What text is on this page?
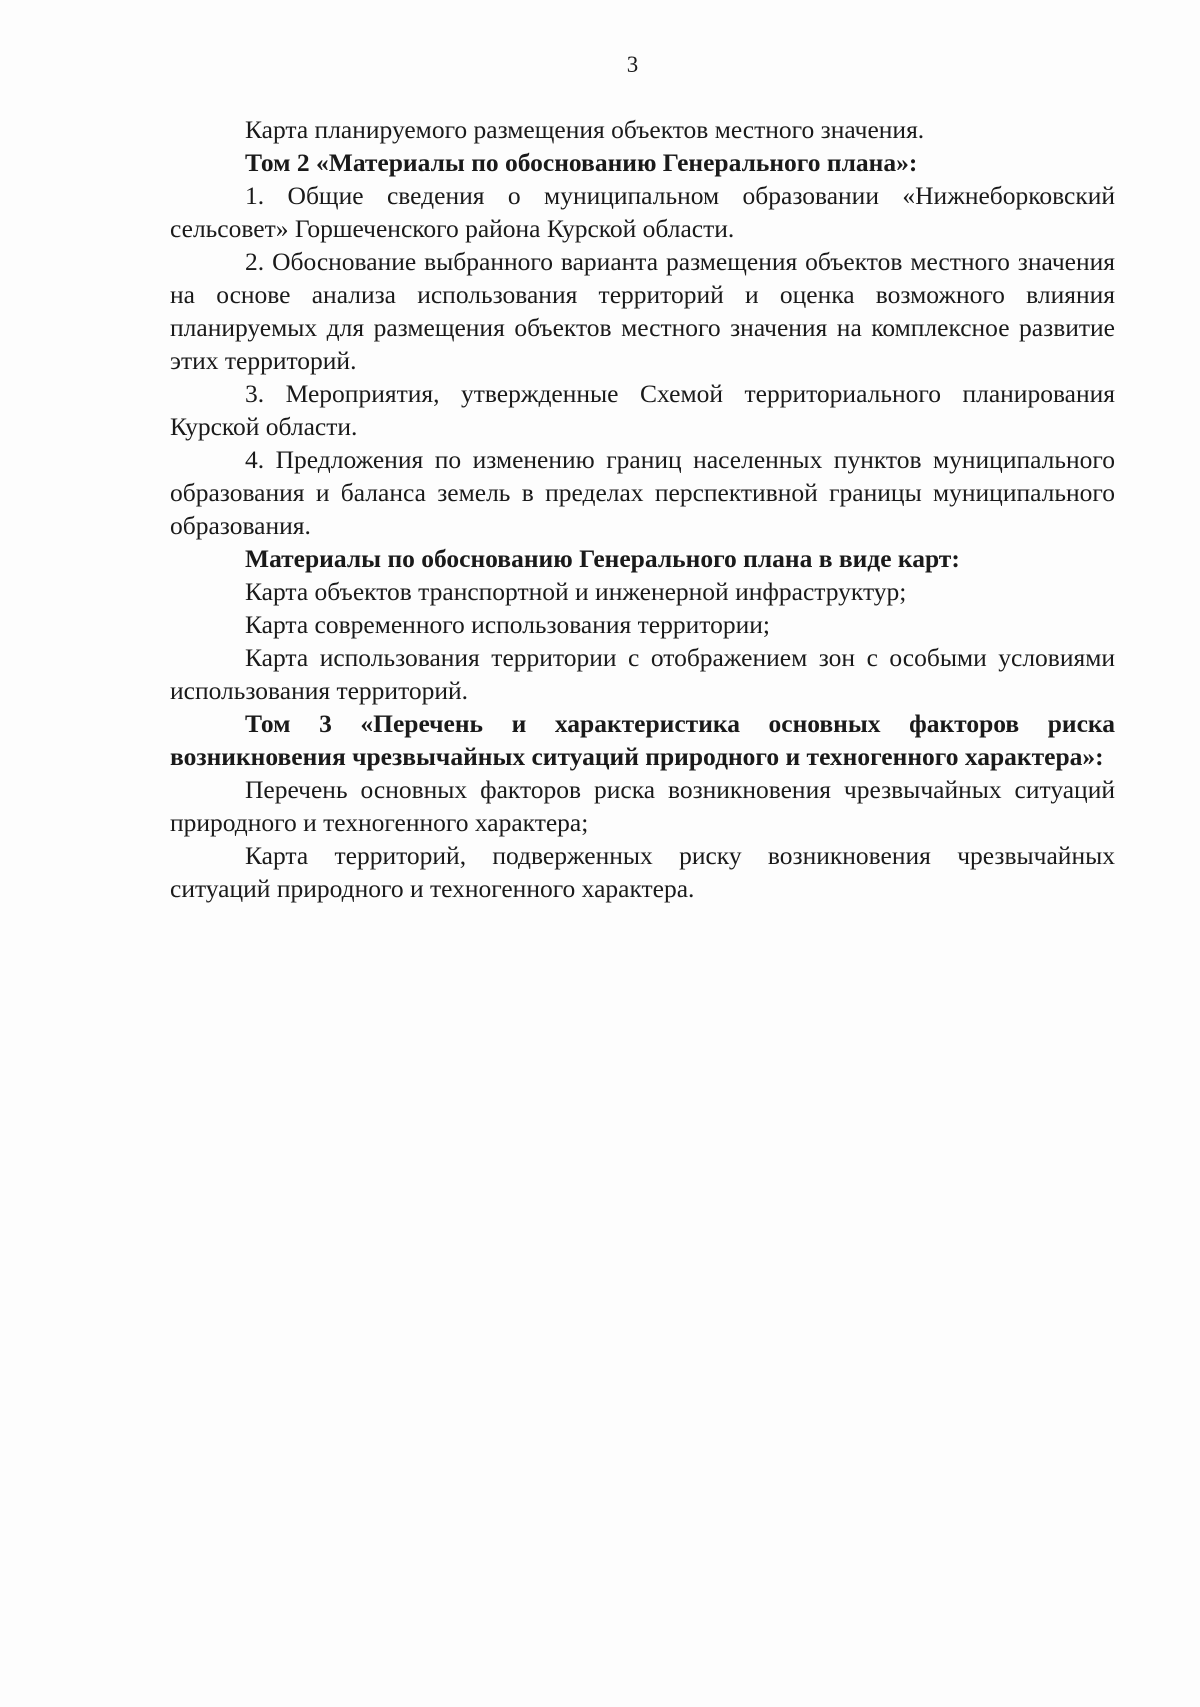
3

Карта планируемого размещения объектов местного значения.

Том 2 «Материалы по обоснованию Генерального плана»:

1. Общие сведения о муниципальном образовании «Нижнеборковский сельсовет» Горшеченского района Курской области.

2. Обоснование выбранного варианта размещения объектов местного значения на основе анализа использования территорий и оценка возможного влияния планируемых для размещения объектов местного значения на комплексное развитие этих территорий.

3. Мероприятия, утвержденные Схемой территориального планирования Курской области.

4. Предложения по изменению границ населенных пунктов муниципального образования и баланса земель в пределах перспективной границы муниципального образования.

Материалы по обоснованию Генерального плана в виде карт:

Карта объектов транспортной и инженерной инфраструктур;

Карта современного использования территории;

Карта использования территории с отображением зон с особыми условиями использования территорий.

Том 3 «Перечень и характеристика основных факторов риска возникновения чрезвычайных ситуаций природного и техногенного характера»:

Перечень основных факторов риска возникновения чрезвычайных ситуаций природного и техногенного характера;

Карта территорий, подверженных риску возникновения чрезвычайных ситуаций природного и техногенного характера.
